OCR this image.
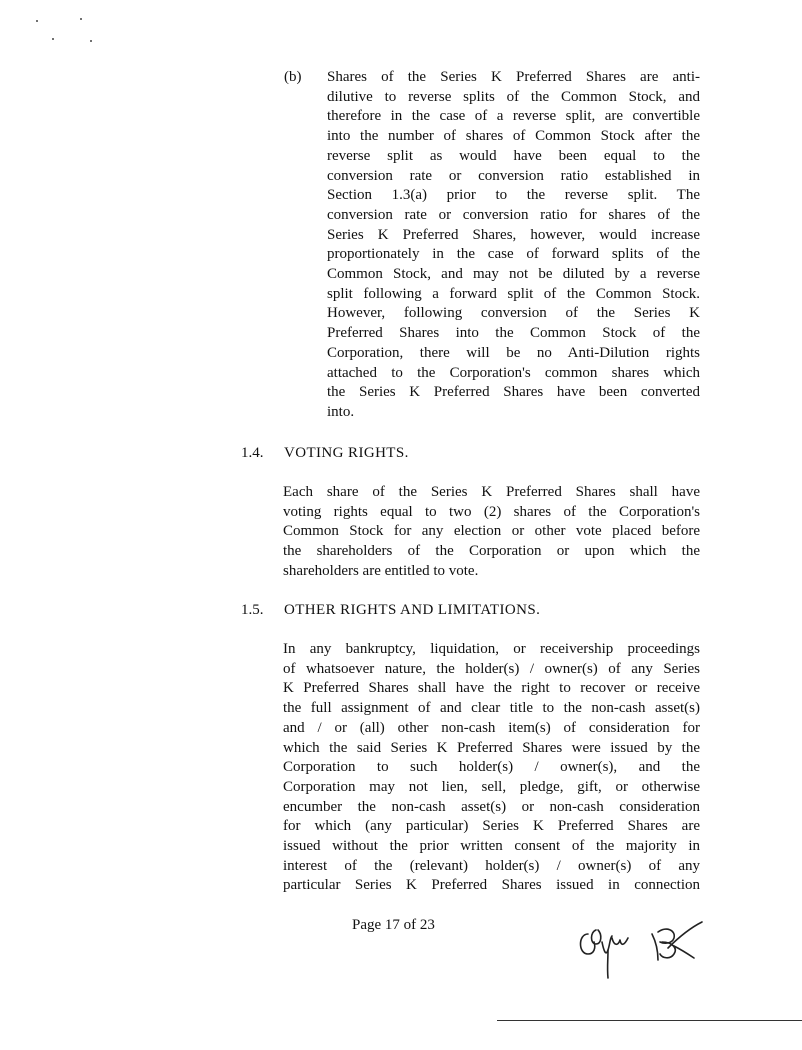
(b) Shares of the Series K Preferred Shares are anti-
dilutive to reverse splits of the Common Stock, and
therefore in the case of a reverse split, are convertible
into the number of shares of Common Stock after the
reverse split as would have been equal to the
conversion rate or conversion ratio established in
Section 1.3(a) prior to the reverse split. The
conversion rate or conversion ratio for shares of the
Series K Preferred Shares, however, would increase
proportionately in the case of forward splits of the
Common Stock, and may not be diluted by a reverse
split following a forward split of the Common Stock.
However, following conversion of the Series K
Preferred Shares into the Common Stock of the
Corporation, there will be no Anti-Dilution rights
attached to the Corporation's common shares which
the Series K Preferred Shares have been converted
into.
1.4. VOTING RIGHTS.
Each share of the Series K Preferred Shares shall have
voting rights equal to two (2) shares of the Corporation's
Common Stock for any election or other vote placed before
the shareholders of the Corporation or upon which the
shareholders are entitled to vote.
1.5. OTHER RIGHTS AND LIMITATIONS.
In any bankruptcy, liquidation, or receivership proceedings
of whatsoever nature, the holder(s) / owner(s) of any Series
K Preferred Shares shall have the right to recover or receive
the full assignment of and clear title to the non-cash asset(s)
and / or (all) other non-cash item(s) of consideration for
which the said Series K Preferred Shares were issued by the
Corporation to such holder(s) / owner(s), and the
Corporation may not lien, sell, pledge, gift, or otherwise
encumber the non-cash asset(s) or non-cash consideration
for which (any particular) Series K Preferred Shares are
issued without the prior written consent of the majority in
interest of the (relevant) holder(s) / owner(s) of any
particular Series K Preferred Shares issued in connection
Page 17 of 23
